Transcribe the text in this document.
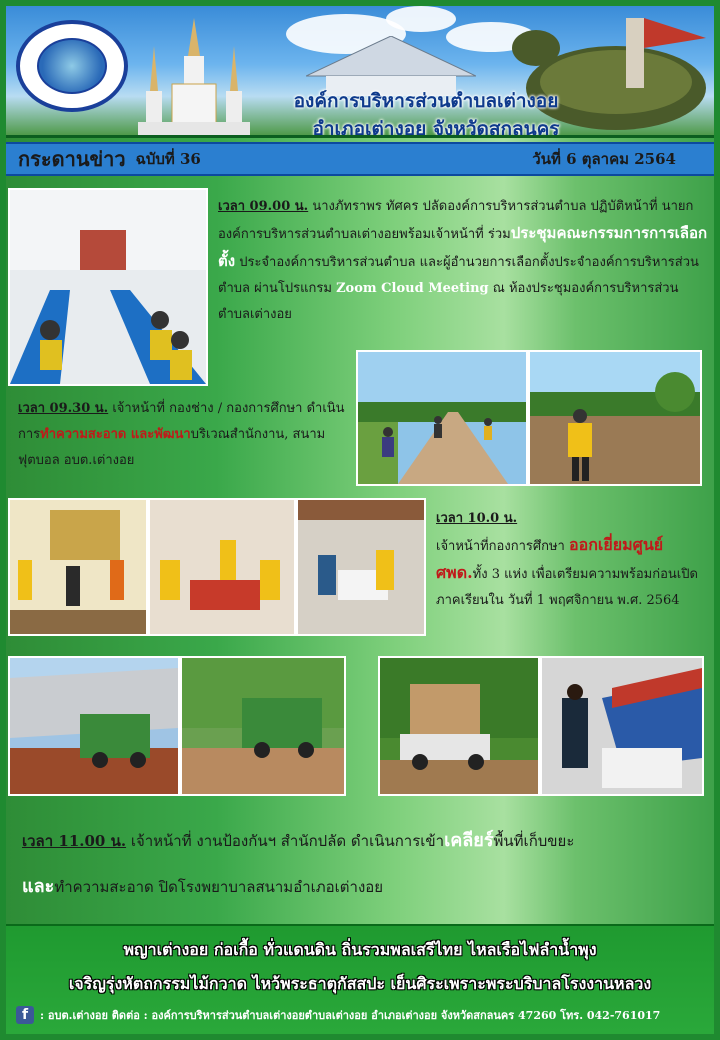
องค์การบริหารส่วนตำบลเต่างอย
อำเภอเต่างอย จังหวัดสกลนคร
กระดานข่าว ฉบับที่ 36	วันที่ 6 ตุลาคม 2564
เวลา 09.00 น. นางภัทราพร ทัศคร ปลัดองค์การบริหารส่วนตำบล ปฏิบัติหน้าที่ นายกองค์การบริหารส่วนตำบลเต่างอยพร้อมเจ้าหน้าที่ ร่วมประชุมคณะกรรมการการเลือกตั้ง ประจำองค์การบริหารส่วนตำบล และผู้อำนวยการเลือกตั้งประจำองค์การบริหารส่วนตำบล ผ่านโปรแกรม Zoom Cloud Meeting ณ ห้องประชุมองค์การบริหารส่วนตำบลเต่างอย
เวลา 09.30 น. เจ้าหน้าที่ กองช่าง / กองการศึกษา ดำเนินการทำความสะอาด และพัฒนาบริเวณสำนักงาน, สนามฟุตบอล อบต.เต่างอย
เวลา 10.0 น.
เจ้าหน้าที่กองการศึกษา ออกเยี่ยมศูนย์ ศพด.ทั้ง 3 แห่ง เพื่อเตรียมความพร้อมก่อนเปิดภาคเรียนใน วันที่ 1 พฤศจิกายน พ.ศ. 2564
เวลา 11.00 น. เจ้าหน้าที่ งานป้องกันฯ สำนักปลัด ดำเนินการเข้าเคลียร์พื้นที่เก็บขยะ
และทำความสะอาด ปิดโรงพยาบาลสนามอำเภอเต่างอย
พญาเต่างอย ก่อเกื้อ ทั่วแดนดิน ถิ่นรวมพลเสรีไทย ไหลเรือไฟลำน้ำพุง
เจริญรุ่งหัตถกรรมไม้กวาด ไหว้พระธาตุกัสสปะ เย็นศิระเพราะพระบริบาลโรงงานหลวง
f	: อบต.เต่างอย ติดต่อ : องค์การบริหารส่วนตำบลเต่างอยตำบลเต่างอย อำเภอเต่างอย จังหวัดสกลนคร 47260 โทร. 042-761017
